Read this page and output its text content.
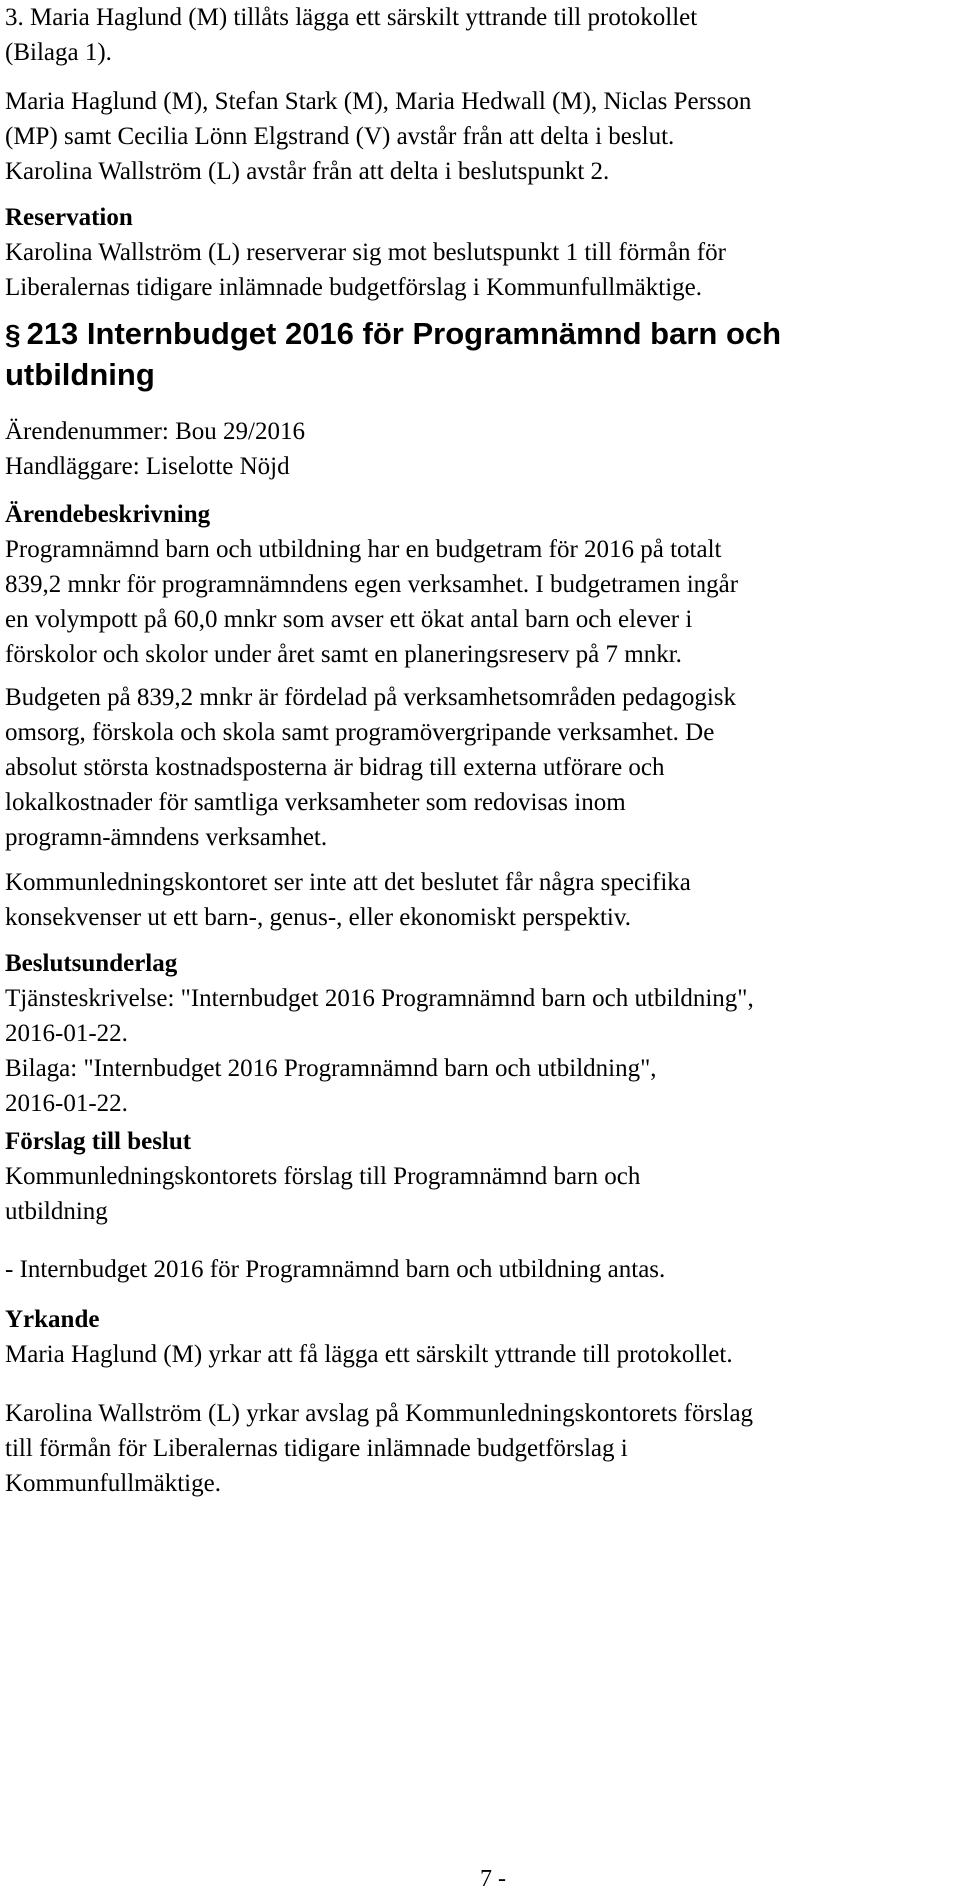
3. Maria Haglund (M) tillåts lägga ett särskilt yttrande till protokollet
(Bilaga 1).
Maria Haglund (M), Stefan Stark (M), Maria Hedwall (M), Niclas Persson
(MP) samt Cecilia Lönn Elgstrand (V) avstår från att delta i beslut.
Karolina Wallström (L) avstår från att delta i beslutspunkt 2.
Reservation
Karolina Wallström (L) reserverar sig mot beslutspunkt 1 till förmån för
Liberalernas tidigare inlämnade budgetförslag i Kommunfullmäktige.
§ 213 Internbudget 2016 för Programnämnd barn och
utbildning
Ärendenummer: Bou 29/2016
Handläggare: Liselotte Nöjd
Ärendebeskrivning
Programnämnd barn och utbildning har en budgetram för 2016 på totalt
839,2 mnkr för programnämndens egen verksamhet. I budgetramen ingår
en volympott på 60,0 mnkr som avser ett ökat antal barn och elever i
förskolor och skolor under året samt en planeringsreserv på 7 mnkr.
Budgeten på 839,2 mnkr är fördelad på verksamhetsområden pedagogisk
omsorg, förskola och skola samt programövergripande verksamhet. De
absolut största kostnadsposterna är bidrag till externa utförare och
lokalkostnader för samtliga verksamheter som redovisas inom
programn-ämndens verksamhet.
Kommunledningskontoret ser inte att det beslutet får några specifika
konsekvenser ut ett barn-, genus-, eller ekonomiskt perspektiv.
Beslutsunderlag
Tjänsteskrivelse: "Internbudget 2016 Programnämnd barn och utbildning",
2016-01-22.
Bilaga: "Internbudget 2016 Programnämnd barn och utbildning",
2016-01-22.
Förslag till beslut
Kommunledningskontorets förslag till Programnämnd barn och
utbildning
- Internbudget 2016 för Programnämnd barn och utbildning antas.
Yrkande
Maria Haglund (M) yrkar att få lägga ett särskilt yttrande till protokollet.
Karolina Wallström (L) yrkar avslag på Kommunledningskontorets förslag
till förmån för Liberalernas tidigare inlämnade budgetförslag i
Kommunfullmäktige.
7 -
